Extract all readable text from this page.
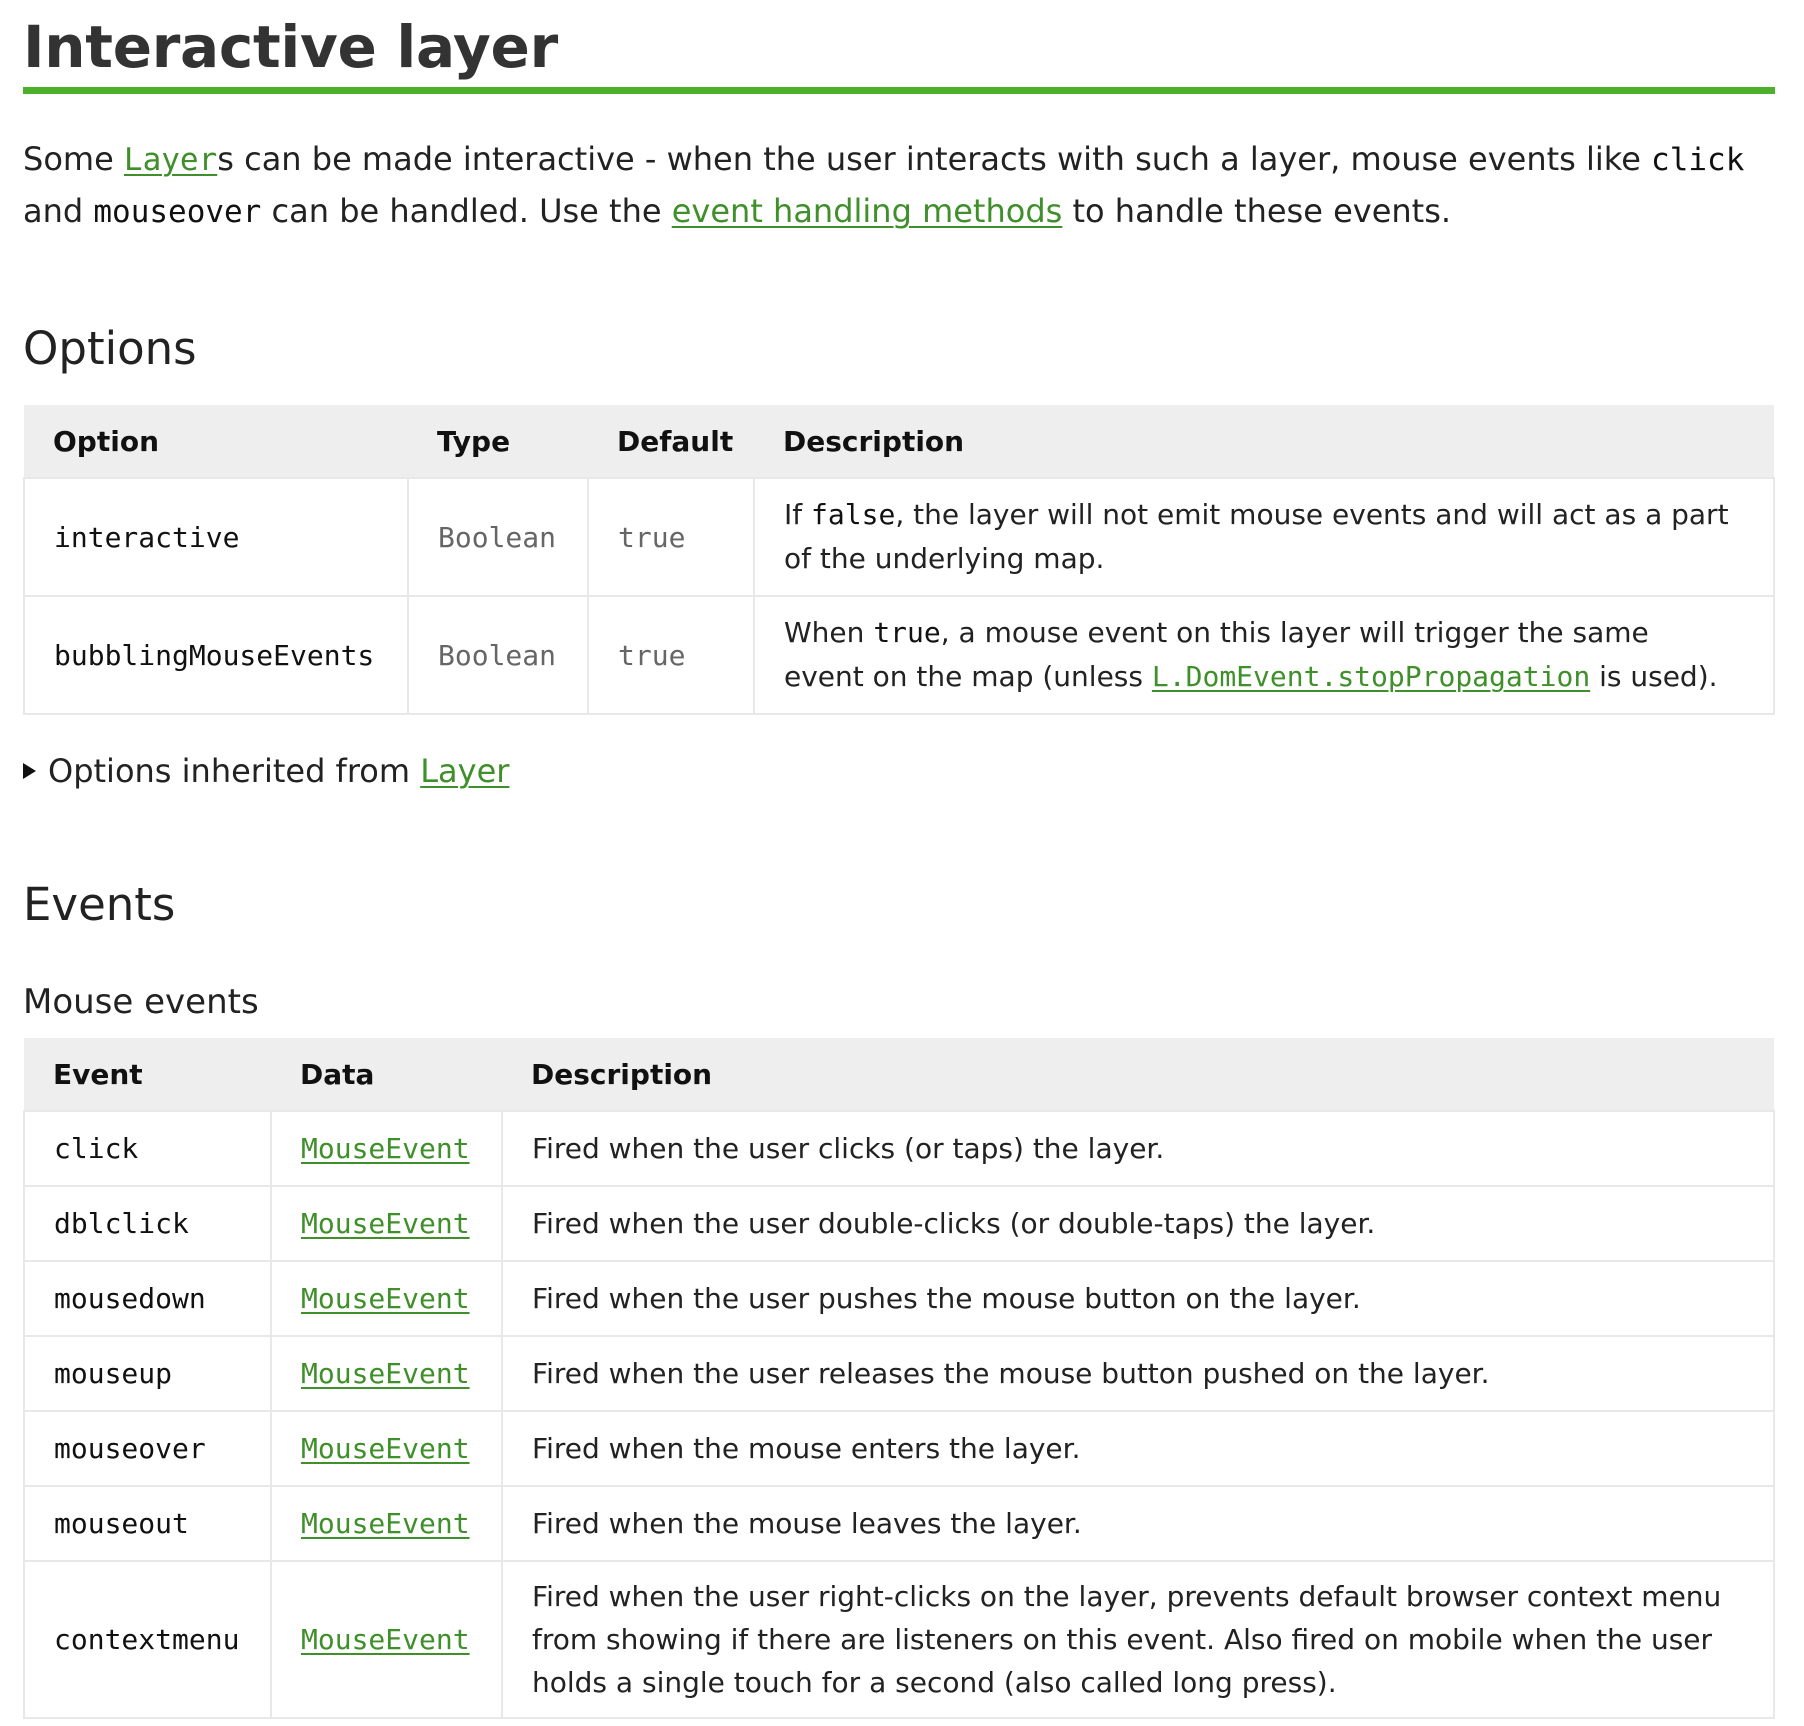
Interactive layer

Some Layers can be made interactive - when the user interacts with such a layer, mouse events like click and mouseover can be handled. Use the event handling methods to handle these events.

Options
Option	Type	Default	Description
interactive	Boolean	true	If false, the layer will not emit mouse events and will act as a part of the underlying map.
bubblingMouseEvents	Boolean	true	When true, a mouse event on this layer will trigger the same event on the map (unless L.DomEvent.stopPropagation is used).
Options inherited from Layer
Events
Mouse events
Event	Data	Description
click	MouseEvent	Fired when the user clicks (or taps) the layer.
dblclick	MouseEvent	Fired when the user double-clicks (or double-taps) the layer.
mousedown	MouseEvent	Fired when the user pushes the mouse button on the layer.
mouseup	MouseEvent	Fired when the user releases the mouse button pushed on the layer.
mouseover	MouseEvent	Fired when the mouse enters the layer.
mouseout	MouseEvent	Fired when the mouse leaves the layer.
contextmenu	MouseEvent	Fired when the user right-clicks on the layer, prevents default browser context menu from showing if there are listeners on this event. Also fired on mobile when the user holds a single touch for a second (also called long press).
